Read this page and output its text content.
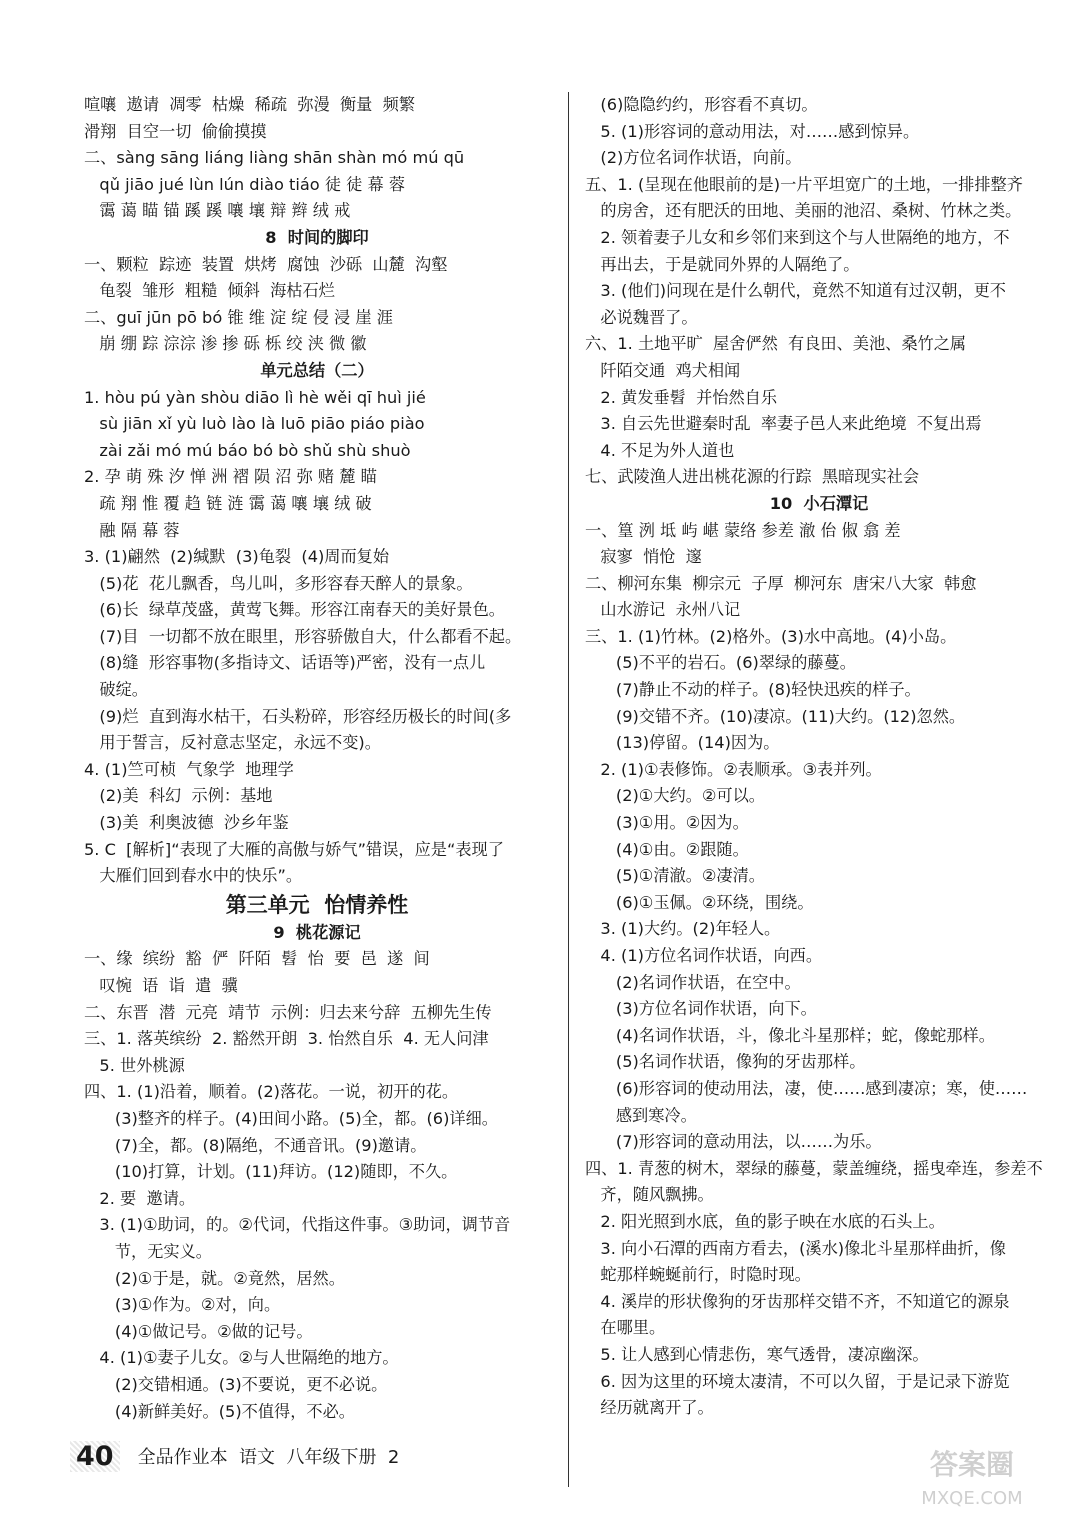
喧嚷  遨请  凋零  枯燥  稀疏  弥漫  衡量  频繁
滑翔  目空一切  偷偷摸摸
二、sàng sāng liáng liàng shān shàn mó mú qū
qǔ jiāo jué lùn lún diào tiáo 徒 徒 幕 蓉
霭 蔼 瞄 锚 蹊 蹊 嚷 壤 辩 辫 绒 戒
8  时间的脚印
一、颗粒  踪迹  装置  烘烤  腐蚀  沙砾  山麓  沟壑
龟裂  雏形  粗糙  倾斜  海枯石烂
二、guī jūn pō bó 锥 维 淀 绽 侵 浸 崖 涯
崩 绷 踪 淙淙 渗 掺 砾 栎 绞 浃 微 徽
单元总结（二）
1. hòu pú yàn shòu diāo lì hè wěi qī huì jié
sù jiān xǐ yù luò lào là luō piāo piáo piào
zài zǎi mó mú báo bó bò shǔ shù shuò
2. 孕 萌 殊 汐 惮 洲 褶 陨 沼 弥 赌 麓 瞄
疏 翔 惟 覆 趋 链 涟 霭 蔼 嚷 壤 绒 破
融 隔 幕 蓉
3. (1)翩然  (2)缄默  (3)龟裂  (4)周而复始
(5)花  花儿飘香，鸟儿叫，多形容春天醉人的景象。
(6)长  绿草茂盛，黄莺飞舞。形容江南春天的美好景色。
(7)目  一切都不放在眼里，形容骄傲自大，什么都看不起。
(8)缝  形容事物(多指诗文、话语等)严密，没有一点儿
破绽。
(9)烂  直到海水枯干，石头粉碎，形容经历极长的时间(多
用于誓言，反衬意志坚定，永远不变)。
4. (1)竺可桢  气象学  地理学
(2)美  科幻  示例：基地
(3)美  利奥波德  沙乡年鉴
5. C  [解析]“表现了大雁的高傲与娇气”错误，应是“表现了
大雁们回到春水中的快乐”。
第三单元  怡情养性
9  桃花源记
一、缘  缤纷  豁  俨  阡陌  髫  怡  要  邑  遂  间
叹惋  语  诣  遣  骥
二、东晋  潜  元亮  靖节  示例：归去来兮辞  五柳先生传
三、1. 落英缤纷  2. 豁然开朗  3. 怡然自乐  4. 无人问津
5. 世外桃源
四、1. (1)沿着，顺着。(2)落花。一说，初开的花。
(3)整齐的样子。(4)田间小路。(5)全，都。(6)详细。
(7)全，都。(8)隔绝，不通音讯。(9)邀请。
(10)打算，计划。(11)拜访。(12)随即，不久。
2. 要  邀请。
3. (1)①助词，的。②代词，代指这件事。③助词，调节音
节，无实义。
(2)①于是，就。②竟然，居然。
(3)①作为。②对，向。
(4)①做记号。②做的记号。
4. (1)①妻子儿女。②与人世隔绝的地方。
(2)交错相通。(3)不要说，更不必说。
(4)新鲜美好。(5)不值得，不必。
(6)隐隐约约，形容看不真切。
5. (1)形容词的意动用法，对……感到惊异。
(2)方位名词作状语，向前。
五、1. (呈现在他眼前的是)一片平坦宽广的土地，一排排整齐
的房舍，还有肥沃的田地、美丽的池沼、桑树、竹林之类。
2. 领着妻子儿女和乡邻们来到这个与人世隔绝的地方，不
再出去，于是就同外界的人隔绝了。
3. (他们)问现在是什么朝代，竟然不知道有过汉朝，更不
必说魏晋了。
六、1. 土地平旷  屋舍俨然  有良田、美池、桑竹之属
阡陌交通  鸡犬相闻
2. 黄发垂髫  并怡然自乐
3. 自云先世避秦时乱  率妻子邑人来此绝境  不复出焉
4. 不足为外人道也
七、武陵渔人进出桃花源的行踪  黑暗现实社会
10  小石潭记
一、篁 洌 坻 屿 嵁 蒙络 参差 澈 佁 俶 翕 差
寂寥  悄怆  邃
二、柳河东集  柳宗元  子厚  柳河东  唐宋八大家  韩愈
山水游记  永州八记
三、1. (1)竹林。(2)格外。(3)水中高地。(4)小岛。
(5)不平的岩石。(6)翠绿的藤蔓。
(7)静止不动的样子。(8)轻快迅疾的样子。
(9)交错不齐。(10)凄凉。(11)大约。(12)忽然。
(13)停留。(14)因为。
2. (1)①表修饰。②表顺承。③表并列。
(2)①大约。②可以。
(3)①用。②因为。
(4)①由。②跟随。
(5)①清澈。②凄清。
(6)①玉佩。②环绕，围绕。
3. (1)大约。(2)年轻人。
4. (1)方位名词作状语，向西。
(2)名词作状语，在空中。
(3)方位名词作状语，向下。
(4)名词作状语，斗，像北斗星那样；蛇，像蛇那样。
(5)名词作状语，像狗的牙齿那样。
(6)形容词的使动用法，凄，使……感到凄凉；寒，使……
感到寒冷。
(7)形容词的意动用法，以……为乐。
四、1. 青葱的树木，翠绿的藤蔓，蒙盖缠绕，摇曳牵连，参差不
齐，随风飘拂。
2. 阳光照到水底，鱼的影子映在水底的石头上。
3. 向小石潭的西南方看去，(溪水)像北斗星那样曲折，像
蛇那样蜿蜒前行，时隐时现。
4. 溪岸的形状像狗的牙齿那样交错不齐，不知道它的源泉
在哪里。
5. 让人感到心情悲伤，寒气透骨，凄凉幽深。
6. 因为这里的环境太凄清，不可以久留，于是记录下游览
经历就离开了。
40	全品作业本  语文  八年级下册  2	答案圈
MXQE.COM
